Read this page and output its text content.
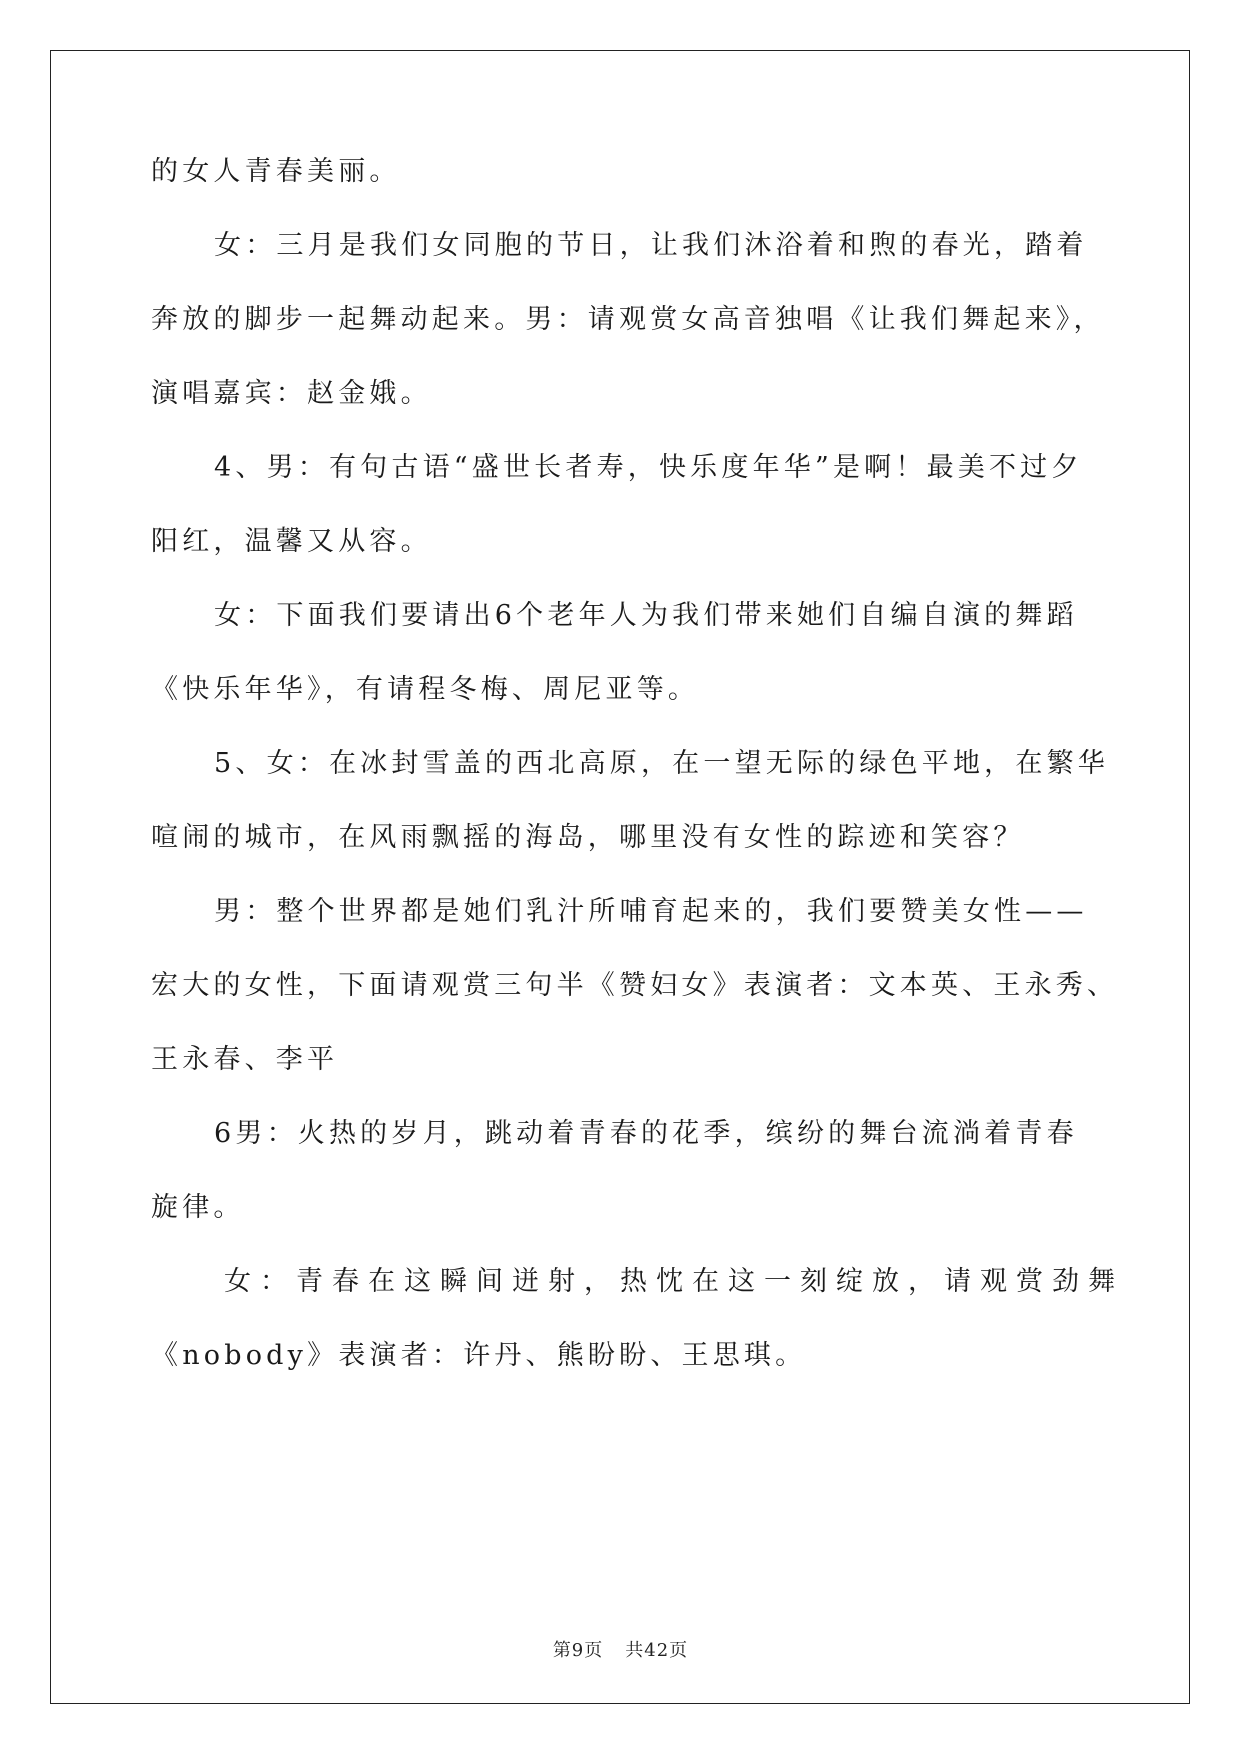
的女人青春美丽。
女：三月是我们女同胞的节日，让我们沐浴着和煦的春光，踏着
奔放的脚步一起舞动起来。男：请观赏女高音独唱《让我们舞起来》，
演唱嘉宾：赵金娥。
4、男：有句古语“盛世长者寿，快乐度年华”是啊！最美不过夕
阳红，温馨又从容。
女：下面我们要请出6个老年人为我们带来她们自编自演的舞蹈
《快乐年华》，有请程冬梅、周尼亚等。
5、女：在冰封雪盖的西北高原，在一望无际的绿色平地，在繁华
喧闹的城市，在风雨飘摇的海岛，哪里没有女性的踪迹和笑容？
男：整个世界都是她们乳汁所哺育起来的，我们要赞美女性——
宏大的女性，下面请观赏三句半《赞妇女》表演者：文本英、王永秀、
王永春、李平
6男：火热的岁月，跳动着青春的花季，缤纷的舞台流淌着青春
旋律。
女：青春在这瞬间迸射，热忱在这一刻绽放，请观赏劲舞
《nobody》表演者：许丹、熊盼盼、王思琪。
第9页 共42页
